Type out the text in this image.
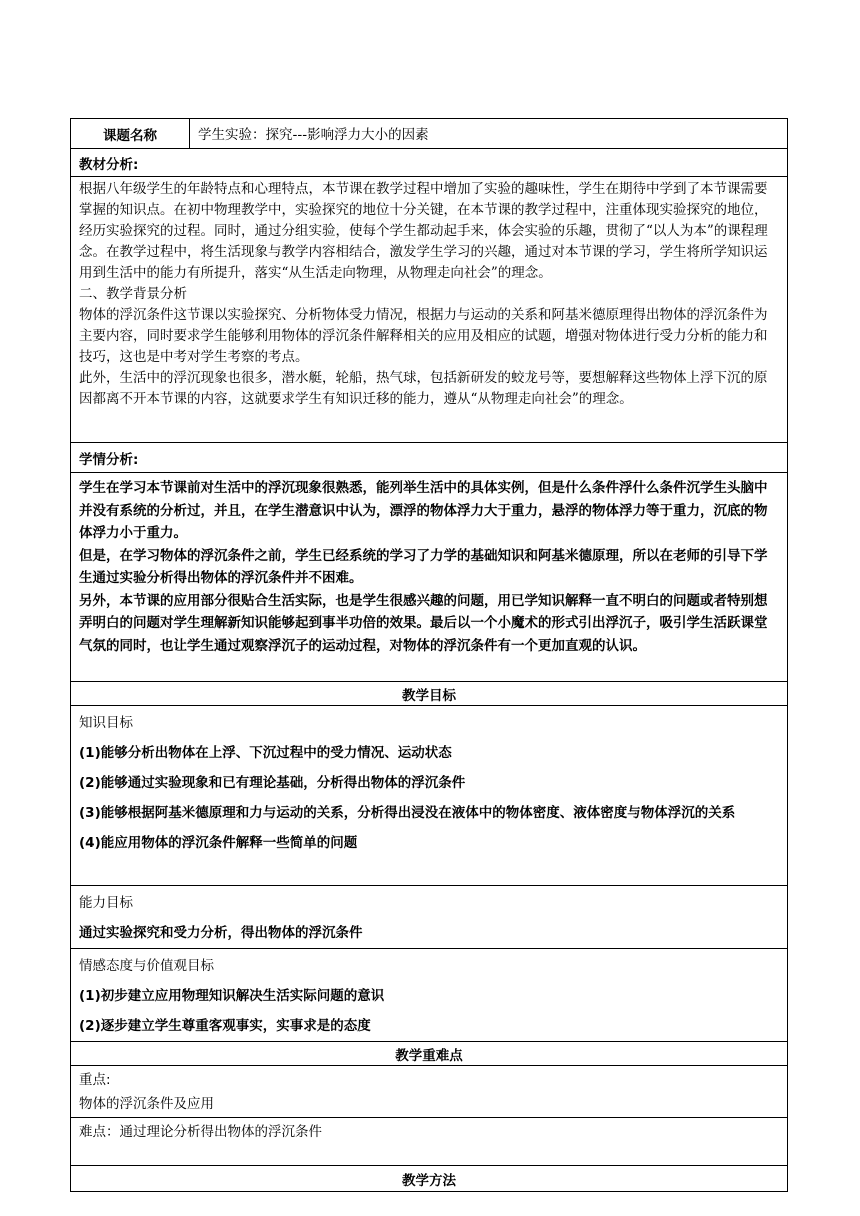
课题名称	学生实验：探究---影响浮力大小的因素
教材分析:

根据八年级学生的年龄特点和心理特点，本节课在教学过程中增加了实验的趣味性，学生在期待中学到了本节课需要掌握的知识点。在初中物理教学中，实验探究的地位十分关键，在本节课的教学过程中，注重体现实验探究的地位，经历实验探究的过程。同时，通过分组实验，使每个学生都动起手来，体会实验的乐趣，贯彻了“以人为本”的课程理念。在教学过程中，将生活现象与教学内容相结合，激发学生学习的兴趣，通过对本节课的学习，学生将所学知识运用到生活中的能力有所提升，落实“从生活走向物理，从物理走向社会”的理念。

二、教学背景分析

物体的浮沉条件这节课以实验探究、分析物体受力情况，根据力与运动的关系和阿基米德原理得出物体的浮沉条件为主要内容，同时要求学生能够利用物体的浮沉条件解释相关的应用及相应的试题，增强对物体进行受力分析的能力和技巧，这也是中考对学生考察的考点。

此外，生活中的浮沉现象也很多，潜水艇，轮船，热气球，包括新研发的蛟龙号等，要想解释这些物体上浮下沉的原因都离不开本节课的内容，这就要求学生有知识迁移的能力，遵从“从物理走向社会”的理念。

学情分析:

学生在学习本节课前对生活中的浮沉现象很熟悉，能列举生活中的具体实例，但是什么条件浮什么条件沉学生头脑中并没有系统的分析过，并且，在学生潜意识中认为，漂浮的物体浮力大于重力，悬浮的物体浮力等于重力，沉底的物体浮力小于重力。

但是，在学习物体的浮沉条件之前，学生已经系统的学习了力学的基础知识和阿基米德原理，所以在老师的引导下学生通过实验分析得出物体的浮沉条件并不困难。

另外，本节课的应用部分很贴合生活实际，也是学生很感兴趣的问题，用已学知识解释一直不明白的问题或者特别想弄明白的问题对学生理解新知识能够起到事半功倍的效果。最后以一个小魔术的形式引出浮沉子，吸引学生活跃课堂气氛的同时，也让学生通过观察浮沉子的运动过程，对物体的浮沉条件有一个更加直观的认识。

教学目标

知识目标

(1)能够分析出物体在上浮、下沉过程中的受力情况、运动状态

(2)能够通过实验现象和已有理论基础，分析得出物体的浮沉条件

(3)能够根据阿基米德原理和力与运动的关系，分析得出浸没在液体中的物体密度、液体密度与物体浮沉的关系

(4)能应用物体的浮沉条件解释一些简单的问题

能力目标

通过实验探究和受力分析，得出物体的浮沉条件

情感态度与价值观目标

(1)初步建立应用物理知识解决生活实际问题的意识

(2)逐步建立学生尊重客观事实，实事求是的态度

教学重难点

重点:

物体的浮沉条件及应用

难点：通过理论分析得出物体的浮沉条件
教学方法
